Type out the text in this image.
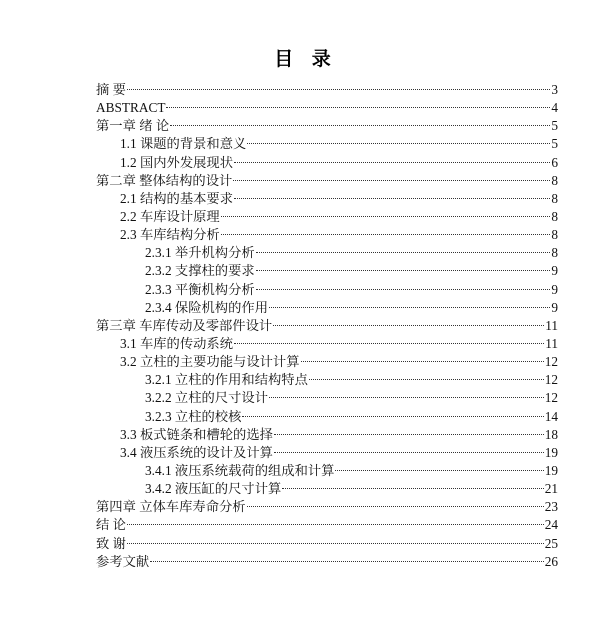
目 录
摘 要	3
ABSTRACT	4
第一章 绪 论	5
1.1 课题的背景和意义	5
1.2 国内外发展现状	6
第二章 整体结构的设计	8
2.1 结构的基本要求	8
2.2 车库设计原理	8
2.3 车库结构分析	8
2.3.1 举升机构分析	8
2.3.2 支撑柱的要求	9
2.3.3 平衡机构分析	9
2.3.4 保险机构的作用	9
第三章 车库传动及零部件设计	11
3.1 车库的传动系统	11
3.2 立柱的主要功能与设计计算	12
3.2.1 立柱的作用和结构特点	12
3.2.2 立柱的尺寸设计	12
3.2.3 立柱的校核	14
3.3 板式链条和槽轮的选择	18
3.4 液压系统的设计及计算	19
3.4.1 液压系统载荷的组成和计算	19
3.4.2 液压缸的尺寸计算	21
第四章 立体车库寿命分析	23
结 论	24
致 谢	25
参考文献	26
